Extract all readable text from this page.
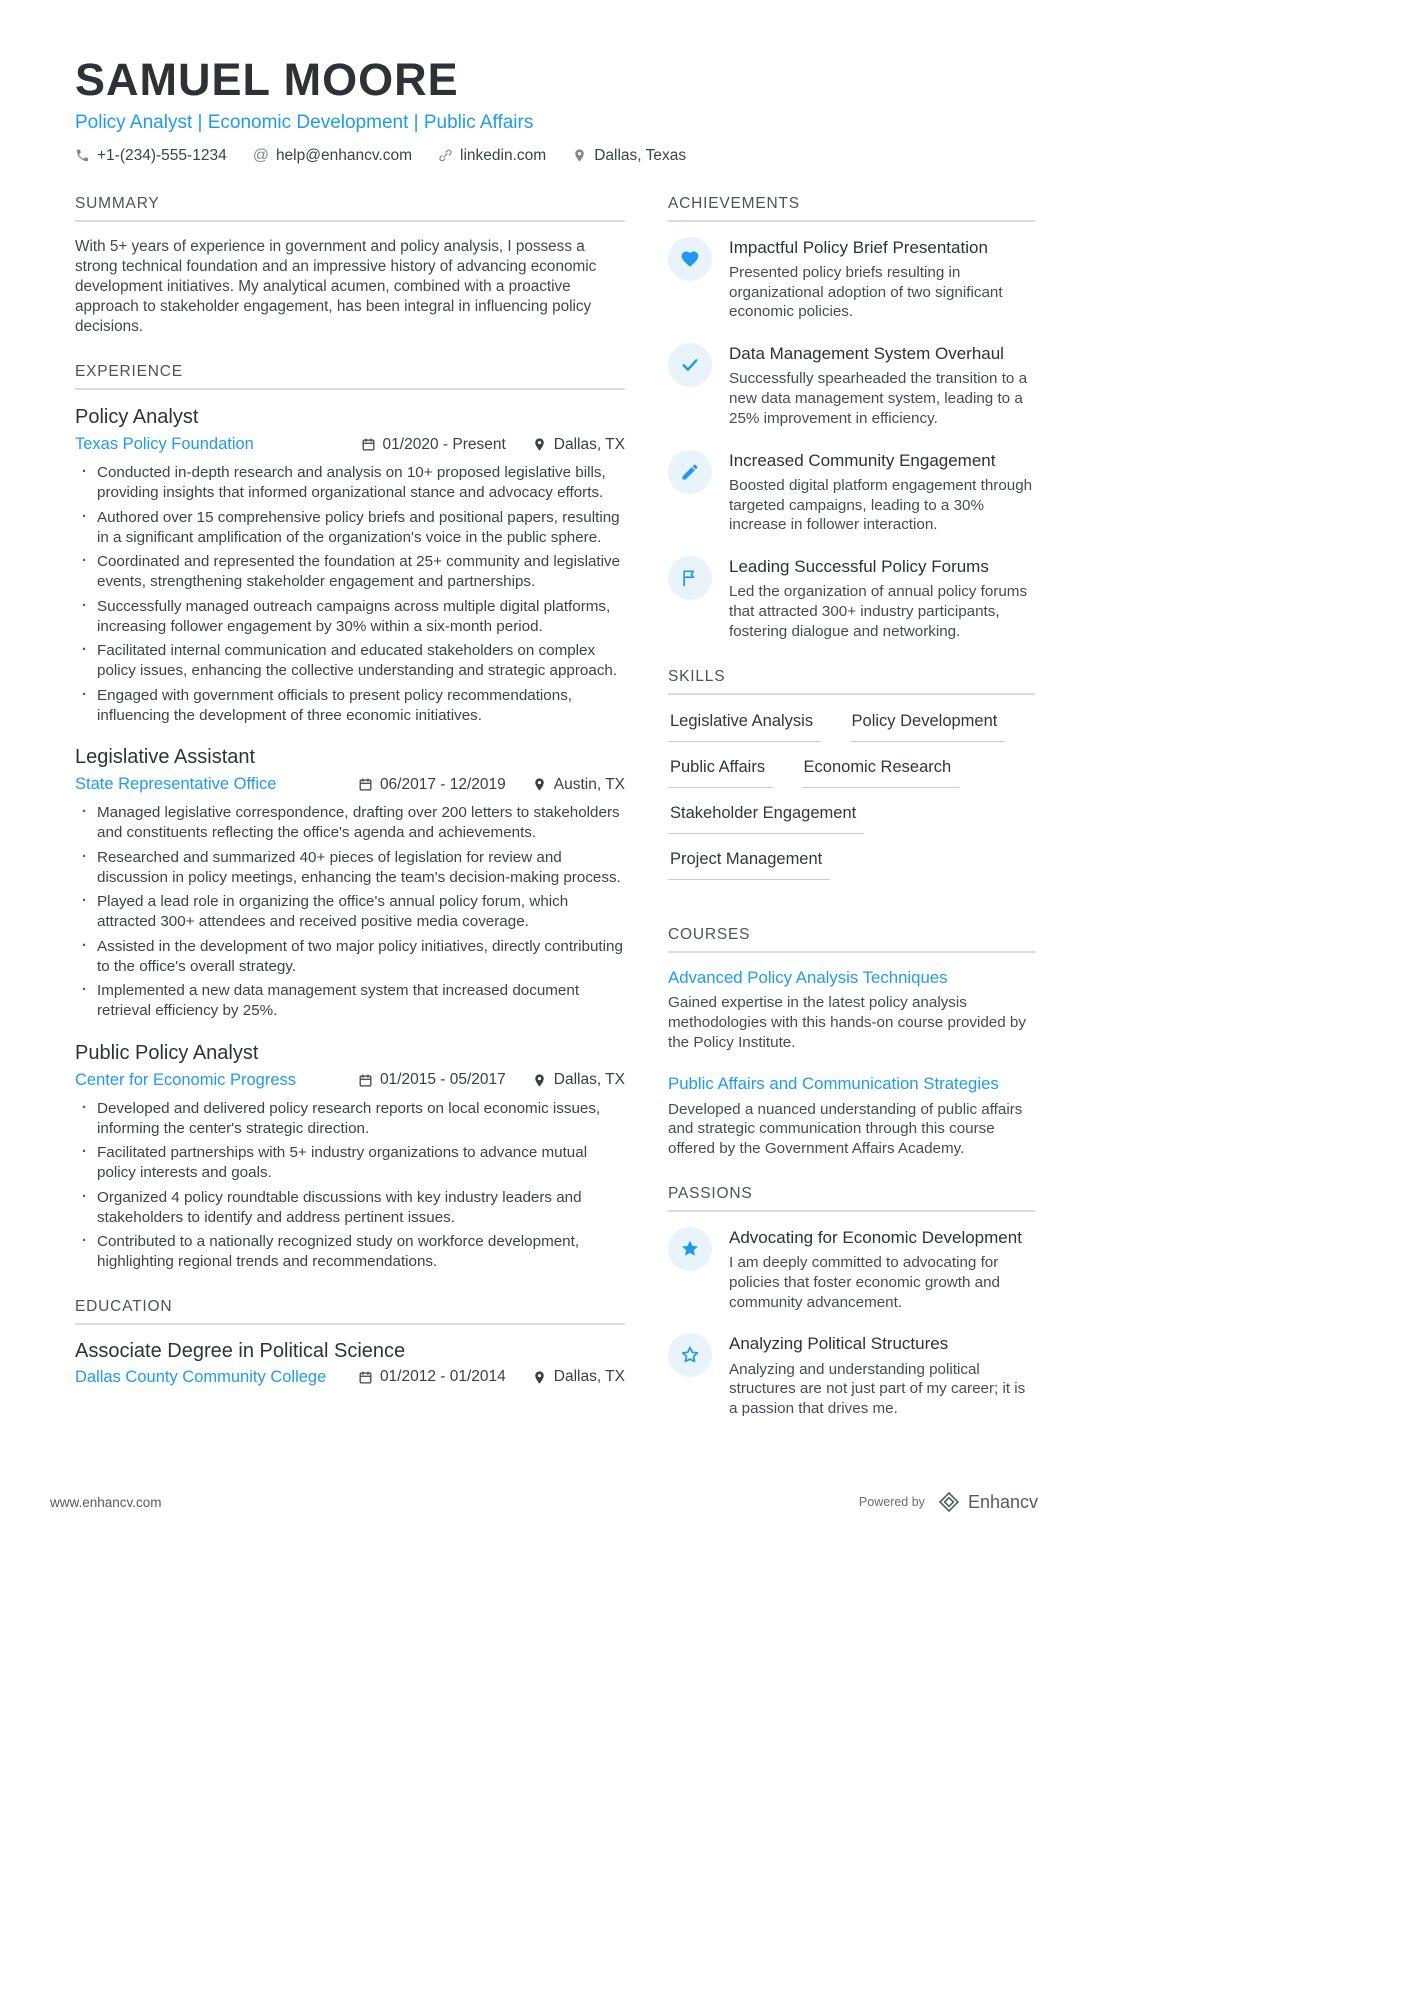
SAMUEL MOORE
Policy Analyst | Economic Development | Public Affairs
+1-(234)-555-1234 @ help@enhancv.com	linkedin.com	Dallas, Texas
SUMMARY

With 5+ years of experience in government and policy analysis, I possess a strong technical foundation and an impressive history of advancing economic development initiatives. My analytical acumen, combined with a proactive approach to stakeholder engagement, has been integral in influencing policy decisions.

EXPERIENCE
Policy Analyst
Texas Policy Foundation	01/2020 - Present	Dallas, TX
· Conducted in-depth research and analysis on 10+ proposed legislative bills, providing insights that informed organizational stance and advocacy efforts.
· Authored over 15 comprehensive policy briefs and positional papers, resulting in a significant amplification of the organization's voice in the public sphere.
· Coordinated and represented the foundation at 25+ community and legislative events, strengthening stakeholder engagement and partnerships.
· Successfully managed outreach campaigns across multiple digital platforms, increasing follower engagement by 30% within a six-month period.
· Facilitated internal communication and educated stakeholders on complex policy issues, enhancing the collective understanding and strategic approach.
· Engaged with government officials to present policy recommendations, influencing the development of three economic initiatives.
Legislative Assistant
State Representative Office	06/2017 - 12/2019	Austin, TX
· Managed legislative correspondence, drafting over 200 letters to stakeholders and constituents reflecting the office's agenda and achievements.
· Researched and summarized 40+ pieces of legislation for review and discussion in policy meetings, enhancing the team's decision-making process.
· Played a lead role in organizing the office's annual policy forum, which attracted 300+ attendees and received positive media coverage.
· Assisted in the development of two major policy initiatives, directly contributing to the office's overall strategy.
· Implemented a new data management system that increased document retrieval efficiency by 25%.
Public Policy Analyst
Center for Economic Progress	01/2015 - 05/2017	Dallas, TX
· Developed and delivered policy research reports on local economic issues, informing the center's strategic direction.
· Facilitated partnerships with 5+ industry organizations to advance mutual policy interests and goals.
· Organized 4 policy roundtable discussions with key industry leaders and stakeholders to identify and address pertinent issues.
· Contributed to a nationally recognized study on workforce development, highlighting regional trends and recommendations.
EDUCATION
Associate Degree in Political Science
Dallas County Community College	01/2012 - 01/2014	Dallas, TX
ACHIEVEMENTS
Impactful Policy Brief Presentation
Presented policy briefs resulting in organizational adoption of two significant economic policies.
Data Management System Overhaul
Successfully spearheaded the transition to a new data management system, leading to a 25% improvement in efficiency.
Increased Community Engagement
Boosted digital platform engagement through targeted campaigns, leading to a 30% increase in follower interaction.
Leading Successful Policy Forums
Led the organization of annual policy forums that attracted 300+ industry participants, fostering dialogue and networking.
SKILLS
Legislative Analysis Policy Development Public Affairs Economic Research Stakeholder Engagement Project Management
COURSES
Advanced Policy Analysis Techniques
Gained expertise in the latest policy analysis methodologies with this hands-on course provided by the Policy Institute.
Public Affairs and Communication Strategies
Developed a nuanced understanding of public affairs and strategic communication through this course offered by the Government Affairs Academy.
PASSIONS
Advocating for Economic Development
I am deeply committed to advocating for policies that foster economic growth and community advancement.
Analyzing Political Structures
Analyzing and understanding political structures are not just part of my career; it is a passion that drives me.
www.enhancv.com	Powered by Enhancv
